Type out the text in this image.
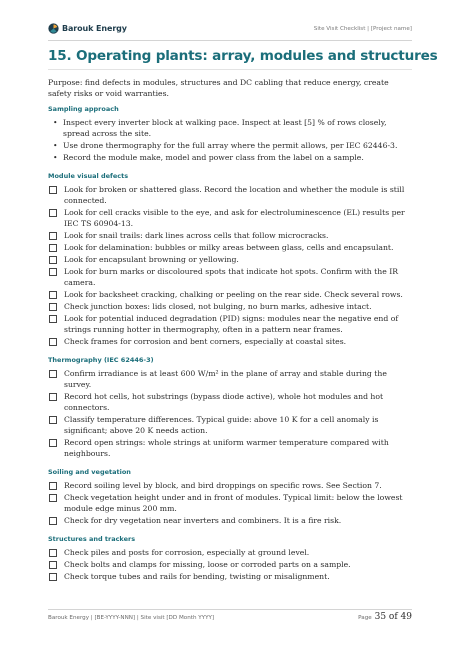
Barouk Energy	Site Visit Checklist | [Project name]
15. Operating plants: array, modules and structures

Purpose: find defects in modules, structures and DC cabling that reduce energy, create safety risks or void warranties.

Sampling approach
• Inspect every inverter block at walking pace. Inspect at least [5] % of rows closely, spread across the site.
• Use drone thermography for the full array where the permit allows, per IEC 62446-3.
• Record the module make, model and power class from the label on a sample.
Module visual defects
Look for broken or shattered glass. Record the location and whether the module is still connected.
Look for cell cracks visible to the eye, and ask for electroluminescence (EL) results per IEC TS 60904-13.
Look for snail trails: dark lines across cells that follow microcracks.
Look for delamination: bubbles or milky areas between glass, cells and encapsulant.
Look for encapsulant browning or yellowing.
Look for burn marks or discoloured spots that indicate hot spots. Confirm with the IR camera.
Look for backsheet cracking, chalking or peeling on the rear side. Check several rows.
Check junction boxes: lids closed, not bulging, no burn marks, adhesive intact.
Look for potential induced degradation (PID) signs: modules near the negative end of strings running hotter in thermography, often in a pattern near frames.
Check frames for corrosion and bent corners, especially at coastal sites.
Thermography (IEC 62446-3)
Confirm irradiance is at least 600 W/m² in the plane of array and stable during the survey.
Record hot cells, hot substrings (bypass diode active), whole hot modules and hot connectors.
Classify temperature differences. Typical guide: above 10 K for a cell anomaly is significant; above 20 K needs action.
Record open strings: whole strings at uniform warmer temperature compared with neighbours.
Soiling and vegetation
Record soiling level by block, and bird droppings on specific rows. See Section 7.
Check vegetation height under and in front of modules. Typical limit: below the lowest module edge minus 200 mm.
Check for dry vegetation near inverters and combiners. It is a fire risk.
Structures and trackers
Check piles and posts for corrosion, especially at ground level.
Check bolts and clamps for missing, loose or corroded parts on a sample.
Check torque tubes and rails for bending, twisting or misalignment.
Barouk Energy | [BE-YYYY-NNN] | Site visit [DD Month YYYY]	Page 35 of 49
